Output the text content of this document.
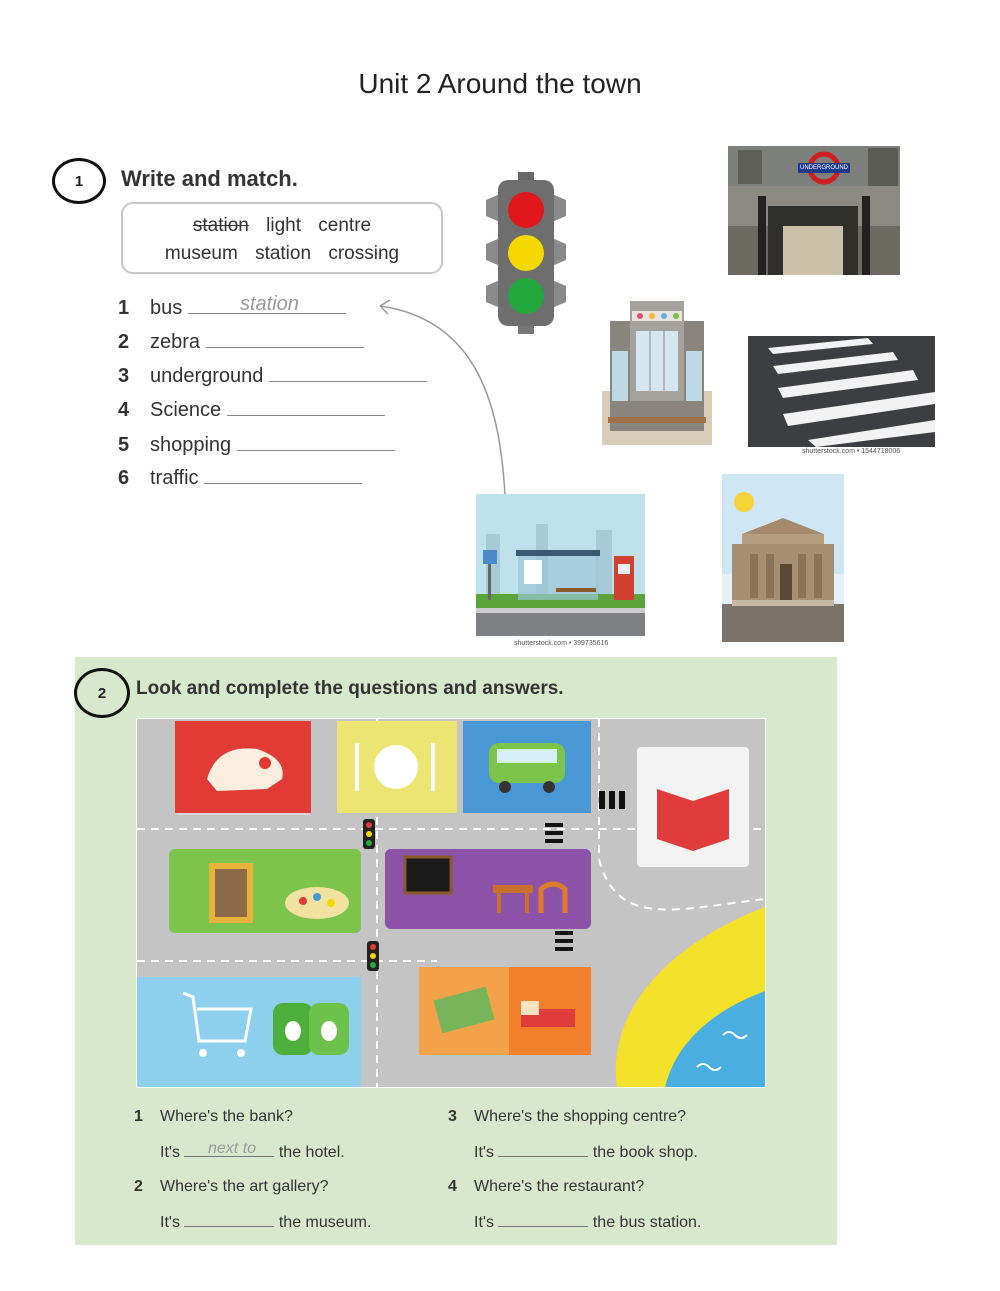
Unit 2 Around the town
1	Write and match.
station light centre
museum station crossing
1 bus	station
2 zebra
3 underground
4 Science
5 shopping
6 traffic
UNDERGROUND
shutterstock.com • 1544718006
shutterstock.com • 399735616
2	Look and complete the questions and answers.
1 Where's the bank?
It's	the hotel.
next to
2 Where's the art gallery?
It's	the museum.
3 Where's the shopping centre?
It's	the book shop.
4 Where's the restaurant?
It's	the bus station.
